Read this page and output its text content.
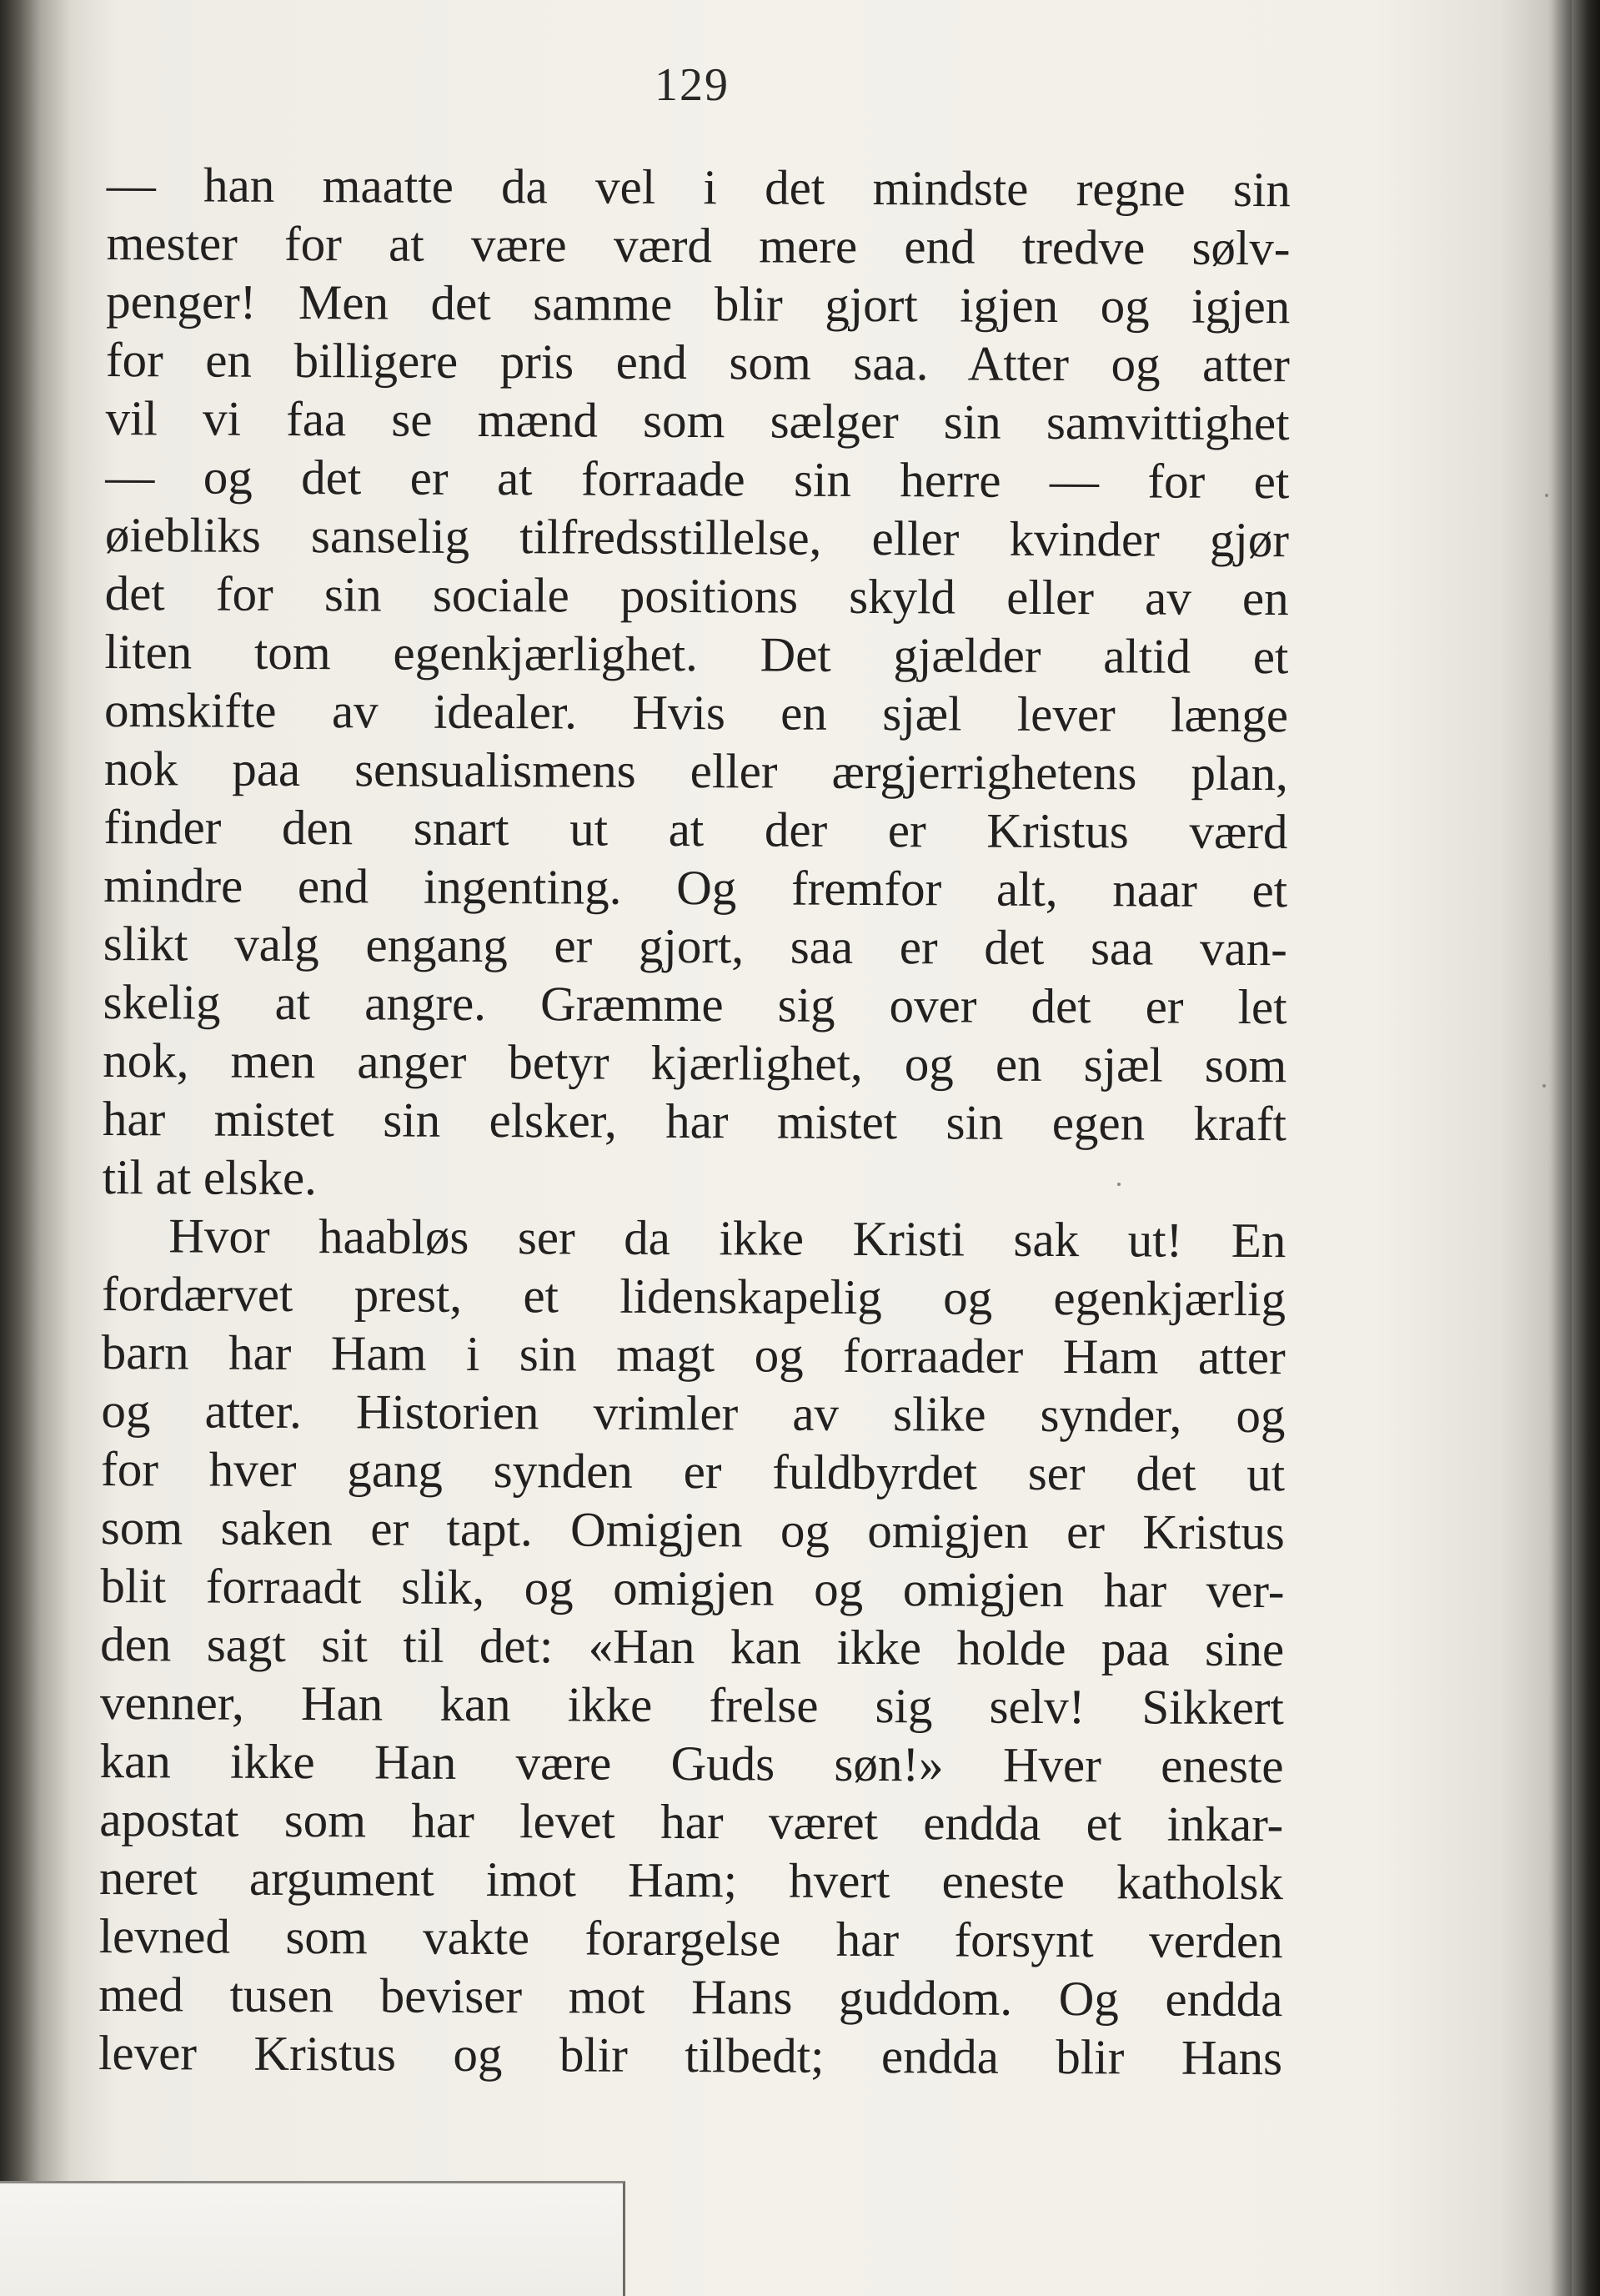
129
— han maatte da vel i det mindste regne sin
mester for at være værd mere end tredve sølv-
penger! Men det samme blir gjort igjen og igjen
for en billigere pris end som saa. Atter og atter
vil vi faa se mænd som sælger sin samvittighet
— og det er at forraade sin herre — for et
øiebliks sanselig tilfredsstillelse, eller kvinder gjør
det for sin sociale positions skyld eller av en
liten tom egenkjærlighet. Det gjælder altid et
omskifte av idealer. Hvis en sjæl lever længe
nok paa sensualismens eller ærgjerrighetens plan,
finder den snart ut at der er Kristus værd
mindre end ingenting. Og fremfor alt, naar et
slikt valg engang er gjort, saa er det saa van-
skelig at angre. Græmme sig over det er let
nok, men anger betyr kjærlighet, og en sjæl som
har mistet sin elsker, har mistet sin egen kraft
til at elske.
Hvor haabløs ser da ikke Kristi sak ut! En
fordærvet prest, et lidenskapelig og egenkjærlig
barn har Ham i sin magt og forraader Ham atter
og atter. Historien vrimler av slike synder, og
for hver gang synden er fuldbyrdet ser det ut
som saken er tapt. Omigjen og omigjen er Kristus
blit forraadt slik, og omigjen og omigjen har ver-
den sagt sit til det: «Han kan ikke holde paa sine
venner, Han kan ikke frelse sig selv! Sikkert
kan ikke Han være Guds søn!» Hver eneste
apostat som har levet har været endda et inkar-
neret argument imot Ham; hvert eneste katholsk
levned som vakte forargelse har forsynt verden
med tusen beviser mot Hans guddom. Og endda
lever Kristus og blir tilbedt; endda blir Hans
